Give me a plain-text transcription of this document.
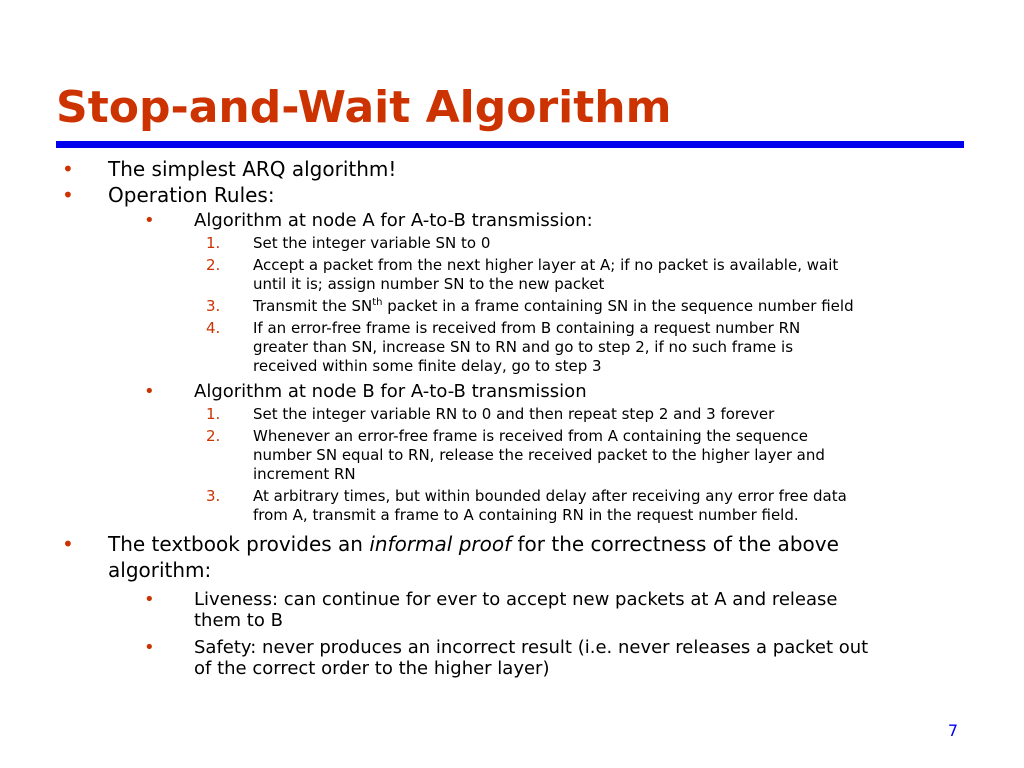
Stop-and-Wait Algorithm
• The simplest ARQ algorithm!
• Operation Rules:
• Algorithm at node A for A-to-B transmission:
1. Set the integer variable SN to 0
2. Accept a packet from the next higher layer at A; if no packet is available, wait
until it is; assign number SN to the new packet
3. Transmit the $SN^{th}$ packet in a frame containing SN in the sequence number field
4. If an error-free frame is received from B containing a request number RN
greater than SN, increase SN to RN and go to step 2, if no such frame is
received within some finite delay, go to step 3
• Algorithm at node B for A-to-B transmission
1. Set the integer variable RN to 0 and then repeat step 2 and 3 forever
2. Whenever an error-free frame is received from A containing the sequence
number SN equal to RN, release the received packet to the higher layer and
increment RN
3. At arbitrary times, but within bounded delay after receiving any error free data
from A, transmit a frame to A containing RN in the request number field.
• The textbook provides an informal proof for the correctness of the above
algorithm:
• Liveness: can continue for ever to accept new packets at A and release
them to B
• Safety: never produces an incorrect result (i.e. never releases a packet out
of the correct order to the higher layer)
7
